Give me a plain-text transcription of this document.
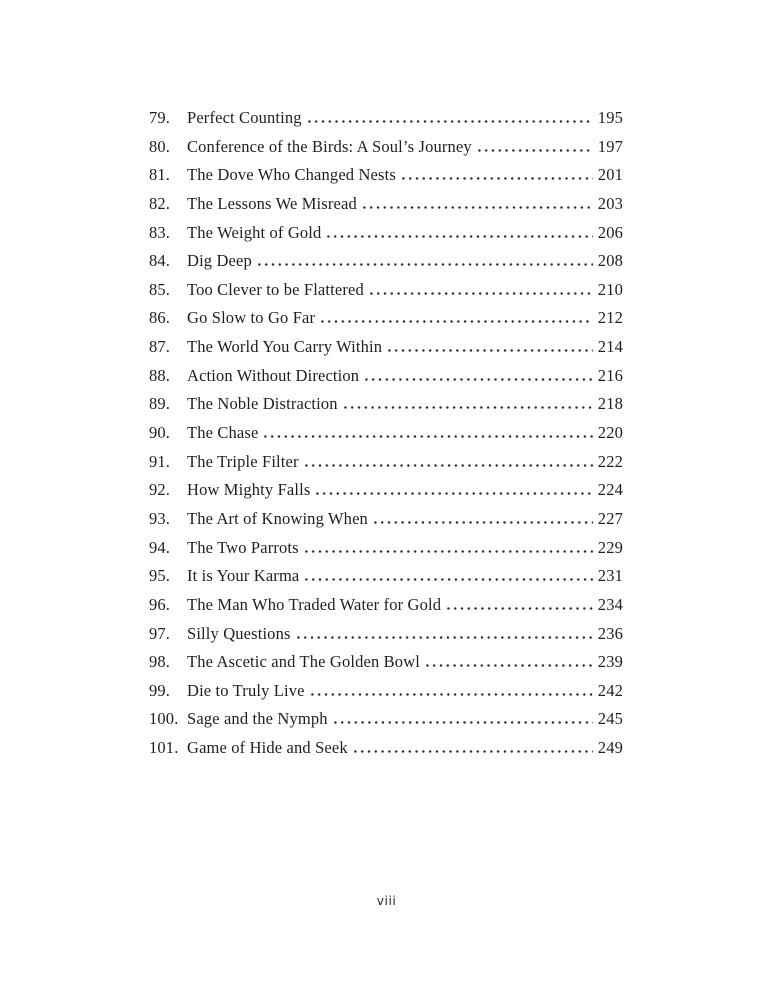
79.	Perfect Counting	195
80.	Conference of the Birds: A Soul’s Journey	197
81.	The Dove Who Changed Nests	201
82.	The Lessons We Misread	203
83.	The Weight of Gold	206
84.	Dig Deep	208
85.	Too Clever to be Flattered	210
86.	Go Slow to Go Far	212
87.	The World You Carry Within	214
88.	Action Without Direction	216
89.	The Noble Distraction	218
90.	The Chase	220
91.	The Triple Filter	222
92.	How Mighty Falls	224
93.	The Art of Knowing When	227
94.	The Two Parrots	229
95.	It is Your Karma	231
96.	The Man Who Traded Water for Gold	234
97.	Silly Questions	236
98.	The Ascetic and The Golden Bowl	239
99.	Die to Truly Live	242
100. Sage and the Nymph	245
101. Game of Hide and Seek	249
viii
